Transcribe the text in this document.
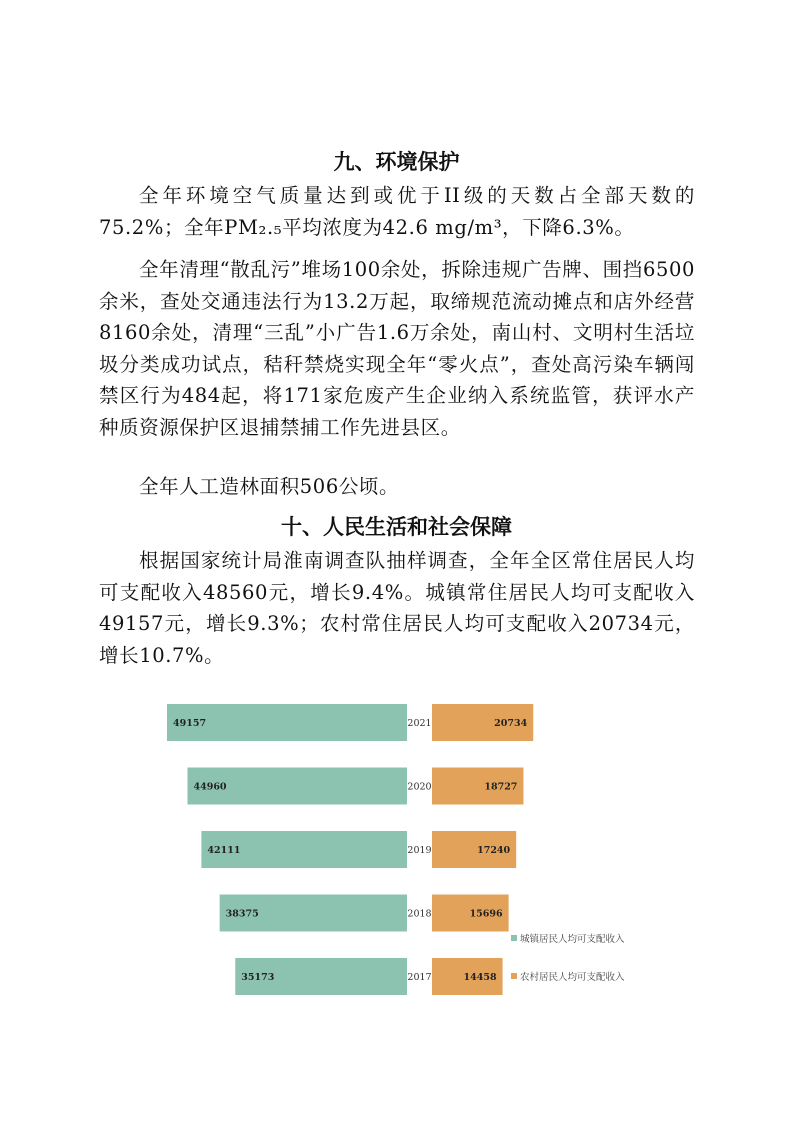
九、环境保护
全年环境空气质量达到或优于II级的天数占全部天数的75.2%；全年PM₂.₅平均浓度为42.6 mg/m³，下降6.3%。
全年清理“散乱污”堆场100余处，拆除违规广告牌、围挡6500余米，查处交通违法行为13.2万起，取缔规范流动摊点和店外经营8160余处，清理“三乱”小广告1.6万余处，南山村、文明村生活垃圾分类成功试点，秸秆禁烧实现全年“零火点”，查处高污染车辆闯禁区行为484起，将171家危废产生企业纳入系统监管，获评水产种质资源保护区退捕禁捕工作先进县区。
全年人工造林面积506公顷。
十、人民生活和社会保障
根据国家统计局淮南调查队抽样调查，全年全区常住居民人均可支配收入48560元，增长9.4%。城镇常住居民人均可支配收入49157元，增长9.3%；农村常住居民人均可支配收入20734元，增长10.7%。
49157	20734
2021
44960	18727
2020
42111	17240
2019
38375	15696
2018
35173	14458
2017
城镇居民人均可支配收入
农村居民人均可支配收入
